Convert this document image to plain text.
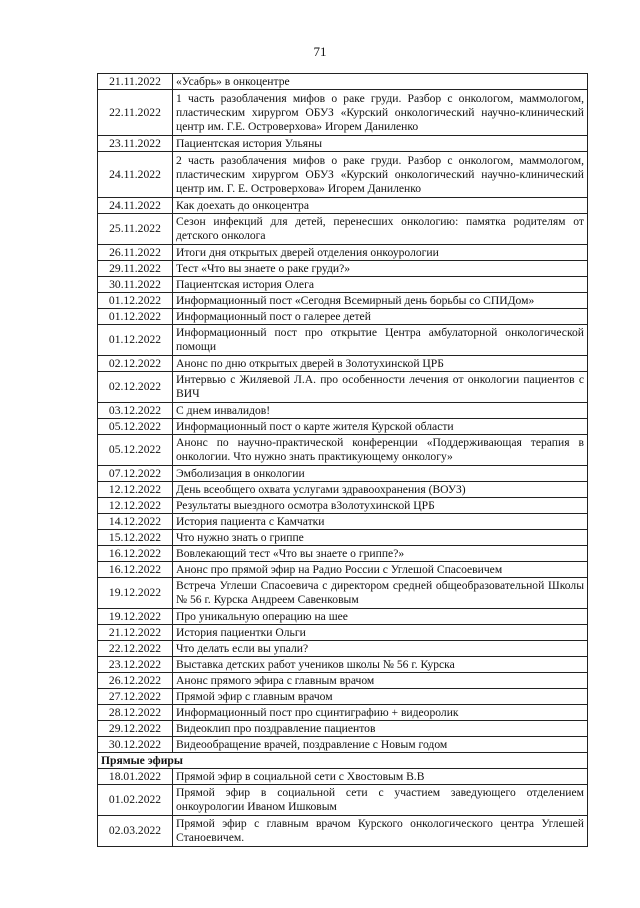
71
21.11.2022	«Усабрь» в онкоцентре
22.11.2022	1 часть разоблачения мифов о раке груди. Разбор с онкологом, маммологом, пластическим хирургом ОБУЗ «Курский онкологический научно-клинический центр им. Г.Е. Островерхова» Игорем Даниленко
23.11.2022	Пациентская история Ульяны
24.11.2022	2 часть разоблачения мифов о раке груди. Разбор с онкологом, маммологом, пластическим хирургом ОБУЗ «Курский онкологический научно-клинический центр им. Г. Е. Островерхова» Игорем Даниленко
24.11.2022	Как доехать до онкоцентра
25.11.2022	Сезон инфекций для детей, перенесших онкологию: памятка родителям от детского онколога
26.11.2022	Итоги дня открытых дверей отделения онкоурологии
29.11.2022	Тест «Что вы знаете о раке груди?»
30.11.2022	Пациентская история Олега
01.12.2022	Информационный пост «Сегодня Всемирный день борьбы со СПИДом»
01.12.2022	Информационный пост о галерее детей
01.12.2022	Информационный пост про открытие Центра амбулаторной онкологической помощи
02.12.2022	Анонс по дню открытых дверей в Золотухинской ЦРБ
02.12.2022	Интервью с Жиляевой Л.А. про особенности лечения от онкологии пациентов с ВИЧ
03.12.2022	С днем инвалидов!
05.12.2022	Информационный пост о карте жителя Курской области
05.12.2022	Анонс по научно-практической конференции «Поддерживающая терапия в онкологии. Что нужно знать практикующему онкологу»
07.12.2022	Эмболизация в онкологии
12.12.2022	День всеобщего охвата услугами здравоохранения (ВОУЗ)
12.12.2022	Результаты выездного осмотра вЗолотухинской ЦРБ
14.12.2022	История пациента с Камчатки
15.12.2022	Что нужно знать о гриппе
16.12.2022	Вовлекающий тест «Что вы знаете о гриппе?»
16.12.2022	Анонс про прямой эфир на Радио России с Углешой Спасоевичем
19.12.2022	Встреча Углеши Спасоевича с директором средней общеобразовательной Школы № 56 г. Курска Андреем Савенковым
19.12.2022	Про уникальную операцию на шее
21.12.2022	История пациентки Ольги
22.12.2022	Что делать если вы упали?
23.12.2022	Выставка детских работ учеников школы № 56 г. Курска
26.12.2022	Анонс прямого эфира с главным врачом
27.12.2022	Прямой эфир с главным врачом
28.12.2022	Информационный пост про сцинтиграфию + видеоролик
29.12.2022	Видеоклип про поздравление пациентов
30.12.2022	Видеообращение врачей, поздравление с Новым годом
Прямые эфиры	
18.01.2022	Прямой эфир в социальной сети с Хвостовым В.В
01.02.2022	Прямой эфир в социальной сети с участием заведующего отделением онкоурологии Иваном Ишковым
02.03.2022	Прямой эфир с главным врачом Курского онкологического центра Углешей Станоевичем.
